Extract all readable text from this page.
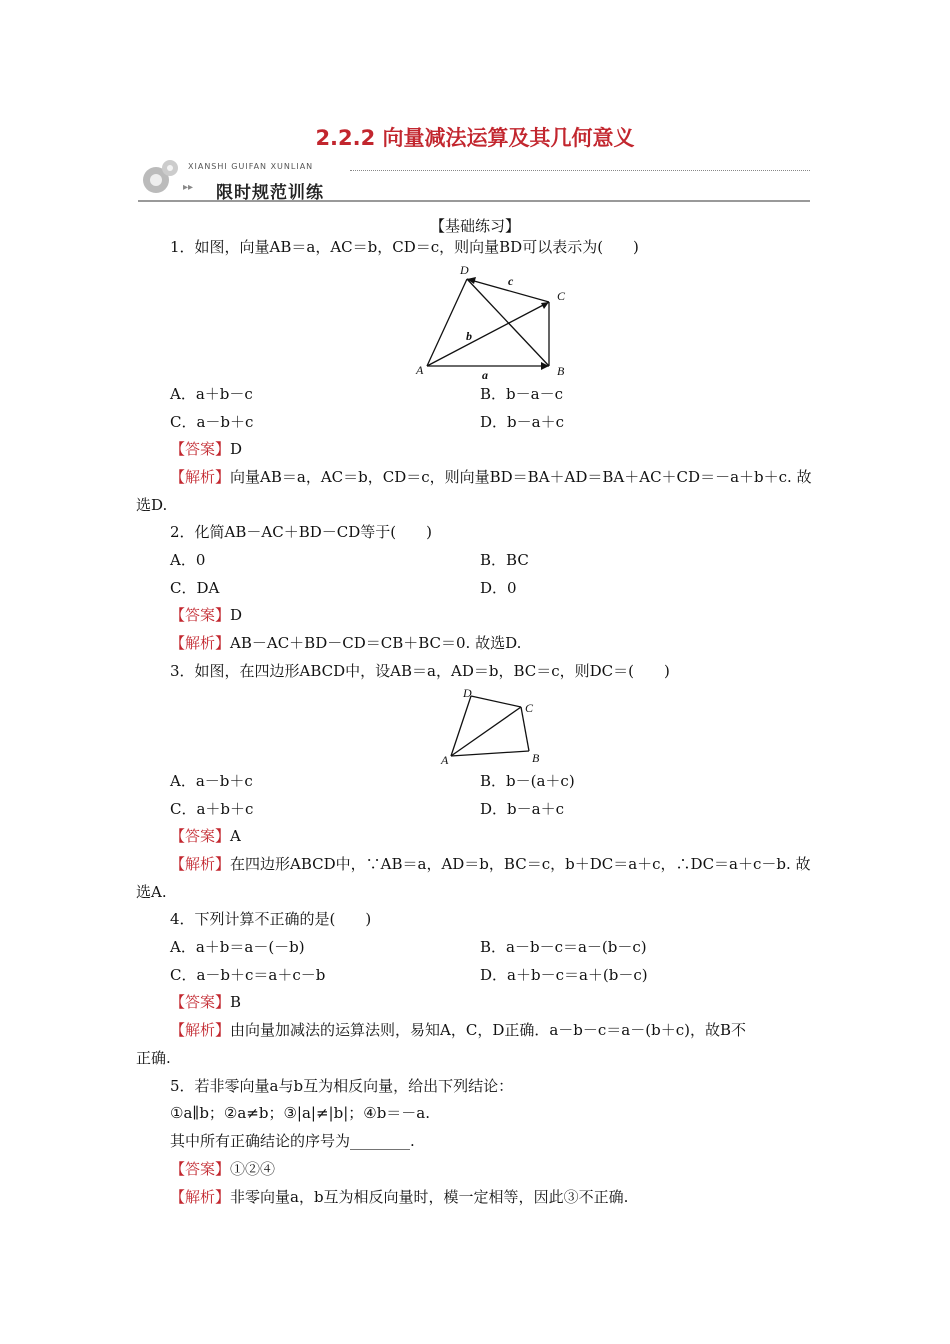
2.2.2 向量减法运算及其几何意义
XIANSHI GUIFAN XUNLIAN
▸▸ 限时规范训练
【基础练习】
1．如图，向量AB＝a，AC＝b，CD＝c，则向量BD可以表示为(　　)
A	B
C
D
a
b
c
A．a＋b－c	B．b－a－c
C．a－b＋c	D．b－a＋c
【答案】D
【解析】向量AB＝a，AC＝b，CD＝c，则向量BD＝BA＋AD＝BA＋AC＋CD＝－a＋b＋c. 故
选D.
2．化简AB－AC＋BD－CD等于(　　)
A．0	B．BC
C．DA	D．0
【答案】D
【解析】AB－AC＋BD－CD＝CB＋BC＝0. 故选D.
3．如图，在四边形ABCD中，设AB＝a，AD＝b，BC＝c，则DC＝(　　)
A	B
C
D
A．a－b＋c	B．b－(a＋c)
C．a＋b＋c	D．b－a＋c
【答案】A
【解析】在四边形ABCD中，∵AB＝a，AD＝b，BC＝c，b＋DC＝a＋c，∴DC＝a＋c－b. 故
选A.
4．下列计算不正确的是(　　)
A．a＋b＝a－(－b)	B．a－b－c＝a－(b－c)
C．a－b＋c＝a＋c－b	D．a＋b－c＝a＋(b－c)
【答案】B
【解析】由向量加减法的运算法则，易知A，C，D正确．a－b－c＝a－(b＋c)，故B不
正确.
5．若非零向量a与b互为相反向量，给出下列结论：
①a∥b；②a≠b；③|a|≠|b|；④b＝－a.
其中所有正确结论的序号为________.
【答案】①②④
【解析】非零向量a，b互为相反向量时，模一定相等，因此③不正确.
